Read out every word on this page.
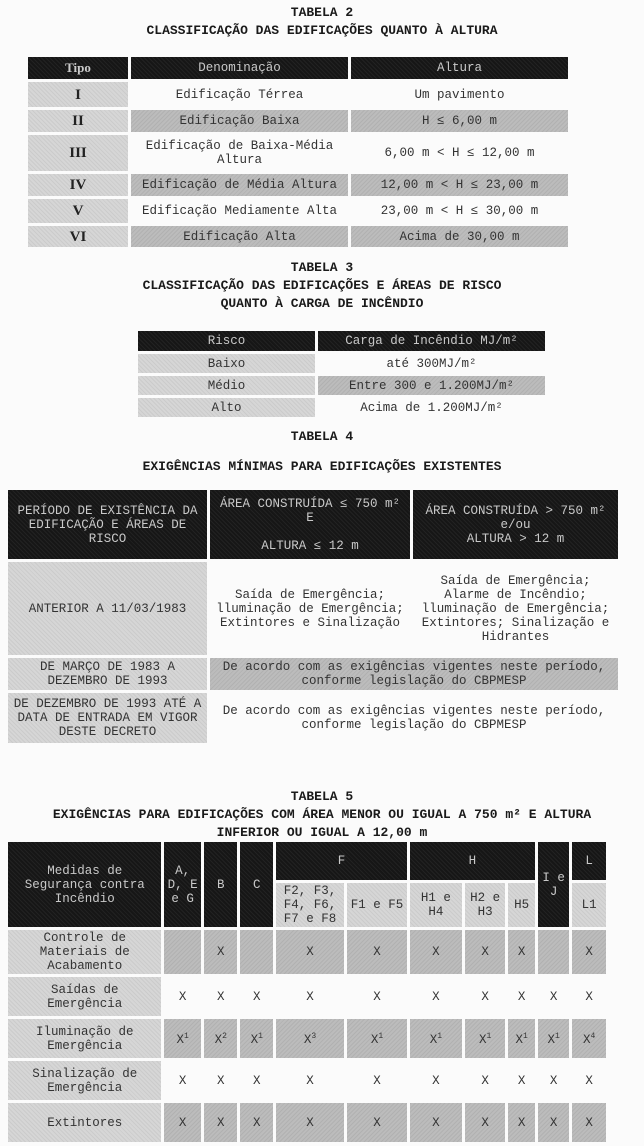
TABELA 2
CLASSIFICAÇÃO DAS EDIFICAÇÕES QUANTO À ALTURA
Tipo	Denominação	Altura
I	Edificação Térrea	Um pavimento
II	Edificação Baixa	H ≤ 6,00 m
III	Edificação de Baixa-Média Altura	6,00 m < H ≤ 12,00 m
IV	Edificação de Média Altura	12,00 m < H ≤ 23,00 m
V	Edificação Mediamente Alta	23,00 m < H ≤ 30,00 m
VI	Edificação Alta	Acima de 30,00 m
TABELA 3
CLASSIFICAÇÃO DAS EDIFICAÇÕES E ÁREAS DE RISCO
QUANTO À CARGA DE INCÊNDIO
Risco	Carga de Incêndio MJ/m²
Baixo	até 300MJ/m²
Médio	Entre 300 e 1.200MJ/m²
Alto	Acima de 1.200MJ/m²
TABELA 4
EXIGÊNCIAS MÍNIMAS PARA EDIFICAÇÕES EXISTENTES
PERÍODO DE EXISTÊNCIA DA EDIFICAÇÃO E ÁREAS DE RISCO	ÁREA CONSTRUÍDA ≤ 750 m²
E

ALTURA ≤ 12 m	ÁREA CONSTRUÍDA > 750 m²
e/ou
ALTURA > 12 m
ANTERIOR A 11/03/1983	Saída de Emergência;
lluminação de Emergência;
Extintores e Sinalização	Saída de Emergência;
Alarme de Incêndio;
lluminação de Emergência;
Extintores; Sinalização e
Hidrantes
DE MARÇO DE 1983 A
DEZEMBRO DE 1993	De acordo com as exigências vigentes neste período,
conforme legislação do CBPMESP	
DE DEZEMBRO DE 1993 ATÉ A
DATA DE ENTRADA EM VIGOR
DESTE DECRETO	De acordo com as exigências vigentes neste período,
conforme legislação do CBPMESP	
TABELA 5
EXIGÊNCIAS PARA EDIFICAÇÕES COM ÁREA MENOR OU IGUAL A 750 m² E ALTURA
INFERIOR OU IGUAL A 12,00 m
Medidas de
Segurança contra
Incêndio	A,
D, E
e G	B	C	F		H			I e
J	L
				F2, F3,
F4, F6,
F7 e F8	F1 e F5	H1 e
H4	H2 e
H3	H5		L1
Controle de
Materiais de
Acabamento		X		X	X	X	X	X		X
Saídas de
Emergência	X	X	X	X	X	X	X	X	X	X
Iluminação de
Emergência	$X^1$	$X^2$	$X^1$	$X^3$	$X^1$	$X^1$	$X^1$	$X^1$	$X^1$	$X^4$
Sinalização de
Emergência	X	X	X	X	X	X	X	X	X	X
Extintores	X	X	X	X	X	X	X	X	X	X
